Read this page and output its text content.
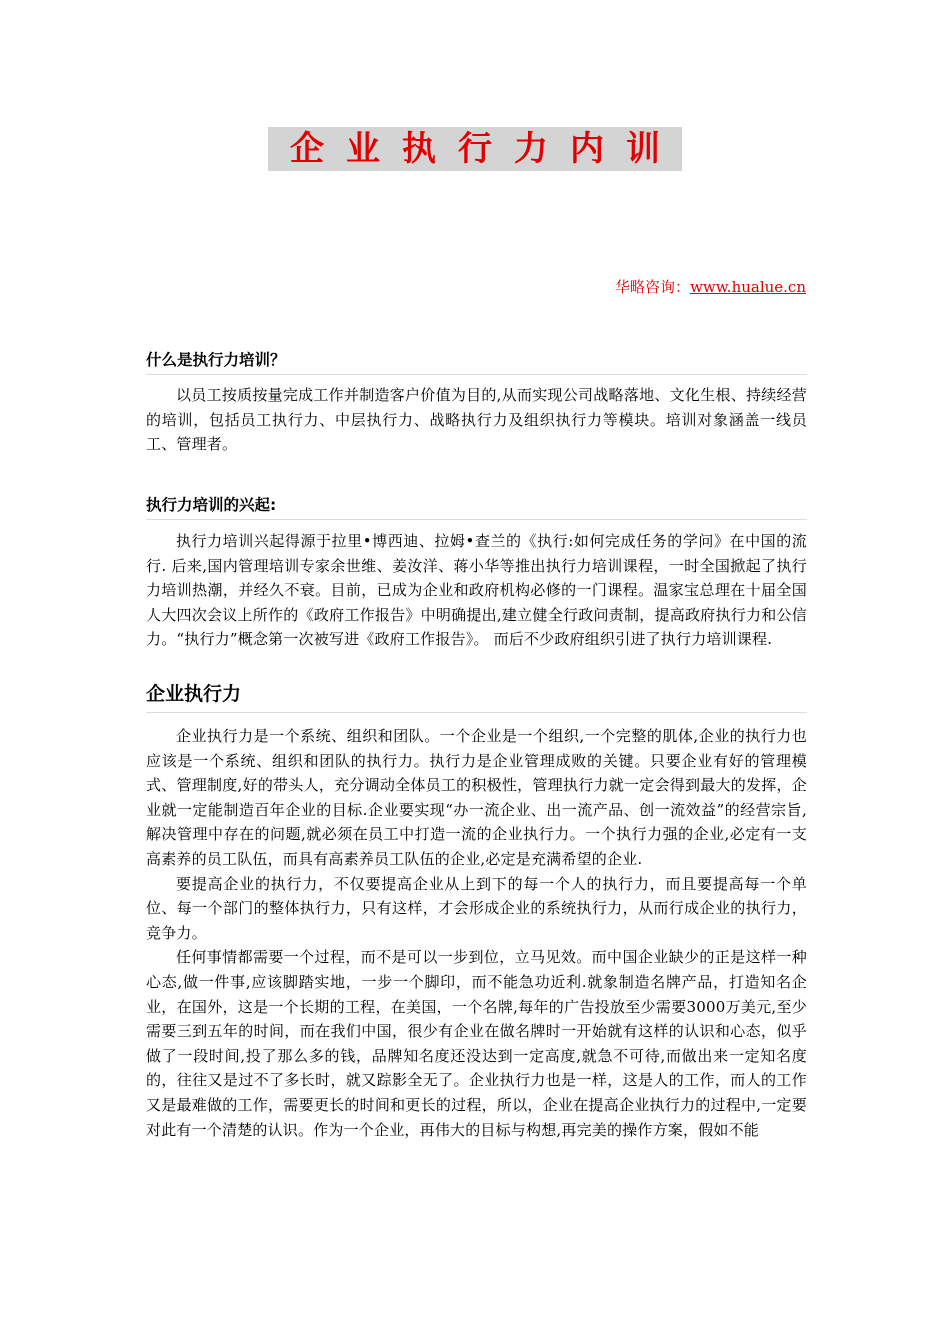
企业执行力内训
华略咨询：www.hualue.cn
什么是执行力培训？

以员工按质按量完成工作并制造客户价值为目的,从而实现公司战略落地、文化生根、持续经营的培训，包括员工执行力、中层执行力、战略执行力及组织执行力等模块。培训对象涵盖一线员工、管理者。

执行力培训的兴起:

执行力培训兴起得源于拉里•博西迪、拉姆•查兰的《执行:如何完成任务的学问》在中国的流行. 后来,国内管理培训专家余世维、姜汝洋、蒋小华等推出执行力培训课程，一时全国掀起了执行力培训热潮，并经久不衰。目前，已成为企业和政府机构必修的一门课程。温家宝总理在十届全国人大四次会议上所作的《政府工作报告》中明确提出,建立健全行政问责制，提高政府执行力和公信力。“执行力”概念第一次被写进《政府工作报告》。 而后不少政府组织引进了执行力培训课程.

企业执行力

企业执行力是一个系统、组织和团队。一个企业是一个组织,一个完整的肌体,企业的执行力也应该是一个系统、组织和团队的执行力。执行力是企业管理成败的关键。只要企业有好的管理模式、管理制度,好的带头人，充分调动全体员工的积极性，管理执行力就一定会得到最大的发挥，企业就一定能制造百年企业的目标.企业要实现“办一流企业、出一流产品、创一流效益”的经营宗旨,解决管理中存在的问题,就必须在员工中打造一流的企业执行力。一个执行力强的企业,必定有一支高素养的员工队伍，而具有高素养员工队伍的企业,必定是充满希望的企业.

要提高企业的执行力，不仅要提高企业从上到下的每一个人的执行力，而且要提高每一个单位、每一个部门的整体执行力，只有这样，才会形成企业的系统执行力，从而行成企业的执行力，竞争力。

任何事情都需要一个过程，而不是可以一步到位，立马见效。而中国企业缺少的正是这样一种心态,做一件事,应该脚踏实地，一步一个脚印，而不能急功近利.就象制造名牌产品，打造知名企业，在国外，这是一个长期的工程，在美国，一个名牌,每年的广告投放至少需要3000万美元,至少需要三到五年的时间，而在我们中国，很少有企业在做名牌时一开始就有这样的认识和心态，似乎做了一段时间,投了那么多的钱，品牌知名度还没达到一定高度,就急不可待,而做出来一定知名度的，往往又是过不了多长时，就又踪影全无了。企业执行力也是一样，这是人的工作，而人的工作又是最难做的工作，需要更长的时间和更长的过程，所以，企业在提高企业执行力的过程中,一定要对此有一个清楚的认识。作为一个企业，再伟大的目标与构想,再完美的操作方案，假如不能
